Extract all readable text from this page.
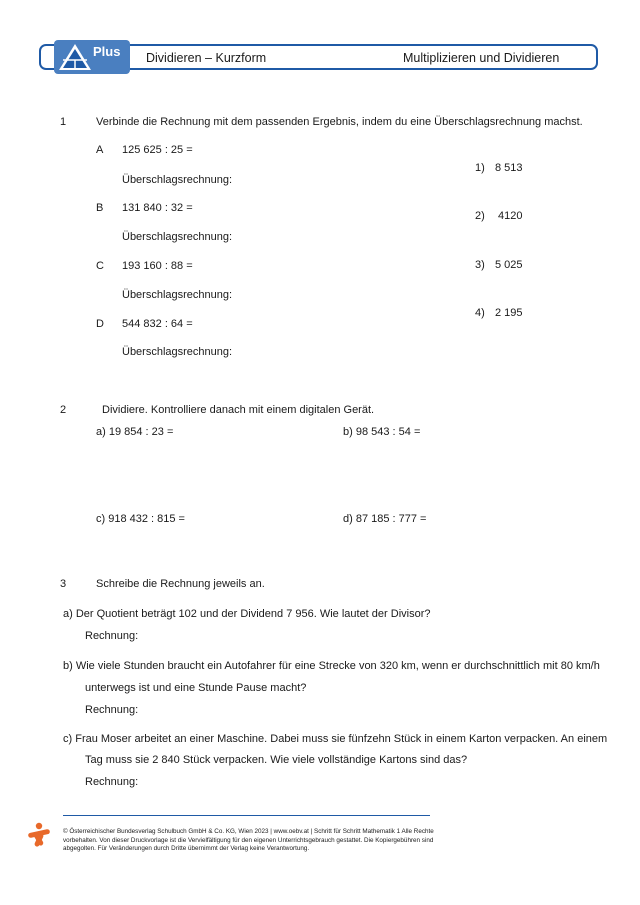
Plus Dividieren – Kurzform	Multiplizieren und Dividieren
1	Verbinde die Rechnung mit dem passenden Ergebnis, indem du eine Überschlagsrechnung machst.
A 125 625 : 25 =
Überschlagsrechnung:
B 131 840 : 32 =
Überschlagsrechnung:
C 193 160 : 88 =
Überschlagsrechnung:
D 544 832 : 64 =
Überschlagsrechnung:
1) 8 513
2) 4120
3) 5 025
4) 2 195
2	Dividiere. Kontrolliere danach mit einem digitalen Gerät.
a) 19 854 : 23 =	b) 98 543 : 54 =
c) 918 432 : 815 =	d) 87 185 : 777 =
3	Schreibe die Rechnung jeweils an.
a) Der Quotient beträgt 102 und der Dividend 7 956. Wie lautet der Divisor?
Rechnung:
b) Wie viele Stunden braucht ein Autofahrer für eine Strecke von 320 km, wenn er durchschnittlich mit 80 km/h
unterwegs ist und eine Stunde Pause macht?
Rechnung:
c) Frau Moser arbeitet an einer Maschine. Dabei muss sie fünfzehn Stück in einem Karton verpacken. An einem
Tag muss sie 2 840 Stück verpacken. Wie viele vollständige Kartons sind das?
Rechnung:
© Österreichischer Bundesverlag Schulbuch GmbH & Co. KG, Wien 2023 | www.oebv.at | Schritt für Schritt Mathematik 1 Alle Rechte vorbehalten. Von dieser Druckvorlage ist die Vervielfältigung für den eigenen Unterrichtsgebrauch gestattet. Die Kopiergebühren sind abgegolten. Für Veränderungen durch Dritte übernimmt der Verlag keine Verantwortung.
